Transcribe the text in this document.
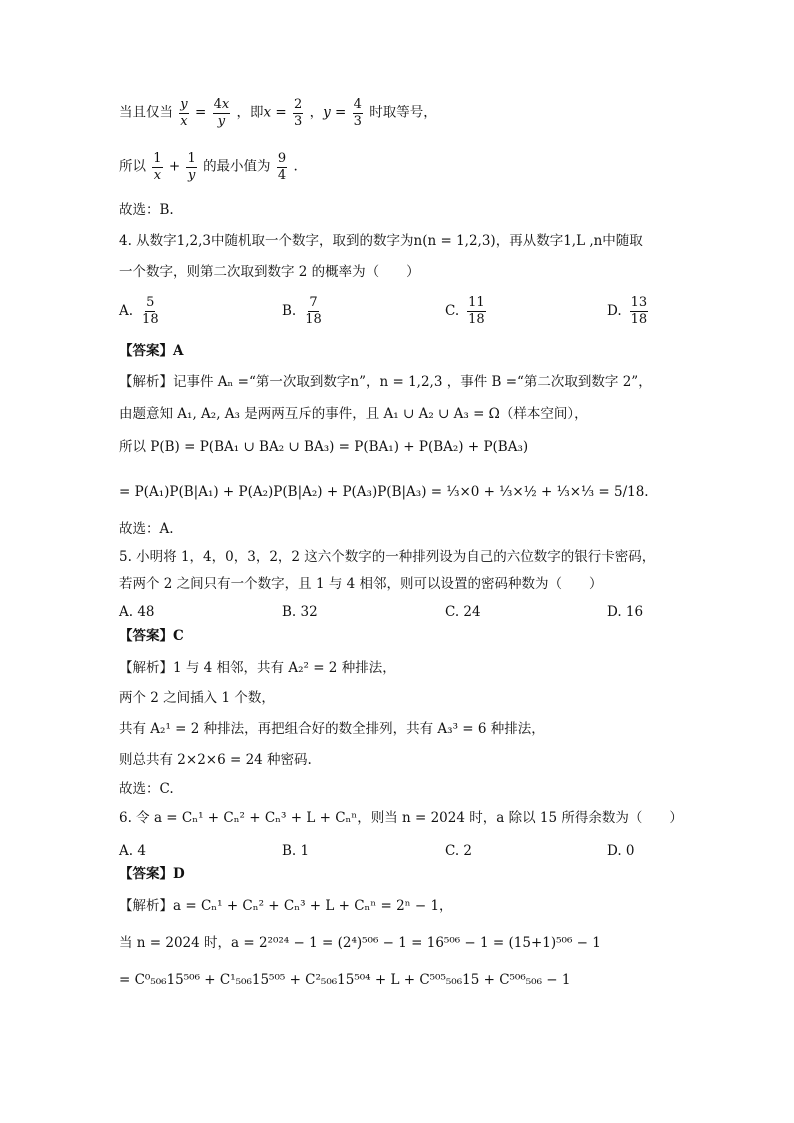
当且仅当 $\frac{y}{x} = \frac{4x}{y}$ ，即$x = \frac{2}{3}$ ，$y = \frac{4}{3}$ 时取等号，
所以 $\frac{1}{x} + \frac{1}{y}$ 的最小值为 $\frac{9}{4}$ .
故选：B.
4. 从数字1,2,3中随机取一个数字，取到的数字为n(n = 1,2,3)，再从数字1,L ,n中随取
一个数字，则第二次取到数字 2 的概率为（　　）
A. $\frac{5}{18}$	B. $\frac{7}{18}$	C. $\frac{11}{18}$	D. $\frac{13}{18}$
【答案】A
【解析】记事件 Aₙ =“第一次取到数字n”，n = 1,2,3 ，事件 B =“第二次取到数字 2”，
由题意知 A₁, A₂, A₃ 是两两互斥的事件，且 A₁ ∪ A₂ ∪ A₃ = Ω（样本空间），
所以 P(B) = P(BA₁ ∪ BA₂ ∪ BA₃) = P(BA₁) + P(BA₂) + P(BA₃)
= P(A₁)P(B|A₁) + P(A₂)P(B|A₂) + P(A₃)P(B|A₃) = ⅓×0 + ⅓×½ + ⅓×⅓ = 5/18.
故选：A.
5. 小明将 1，4，0，3，2，2 这六个数字的一种排列设为自己的六位数字的银行卡密码，
若两个 2 之间只有一个数字，且 1 与 4 相邻，则可以设置的密码种数为（　　）
A. 48	B. 32	C. 24	D. 16
【答案】C
【解析】1 与 4 相邻，共有 A₂² = 2 种排法，
两个 2 之间插入 1 个数，
共有 A₂¹ = 2 种排法，再把组合好的数全排列，共有 A₃³ = 6 种排法，
则总共有 2×2×6 = 24 种密码.
故选：C.
6. 令 a = Cₙ¹ + Cₙ² + Cₙ³ + L + Cₙⁿ，则当 n = 2024 时，a 除以 15 所得余数为（　　）
A. 4	B. 1	C. 2	D. 0
【答案】D
【解析】a = Cₙ¹ + Cₙ² + Cₙ³ + L + Cₙⁿ = 2ⁿ − 1，
当 n = 2024 时，a = 2²⁰²⁴ − 1 = (2⁴)⁵⁰⁶ − 1 = 16⁵⁰⁶ − 1 = (15+1)⁵⁰⁶ − 1
= C⁰₅₀₆15⁵⁰⁶ + C¹₅₀₆15⁵⁰⁵ + C²₅₀₆15⁵⁰⁴ + L + C⁵⁰⁵₅₀₆15 + C⁵⁰⁶₅₀₆ − 1
